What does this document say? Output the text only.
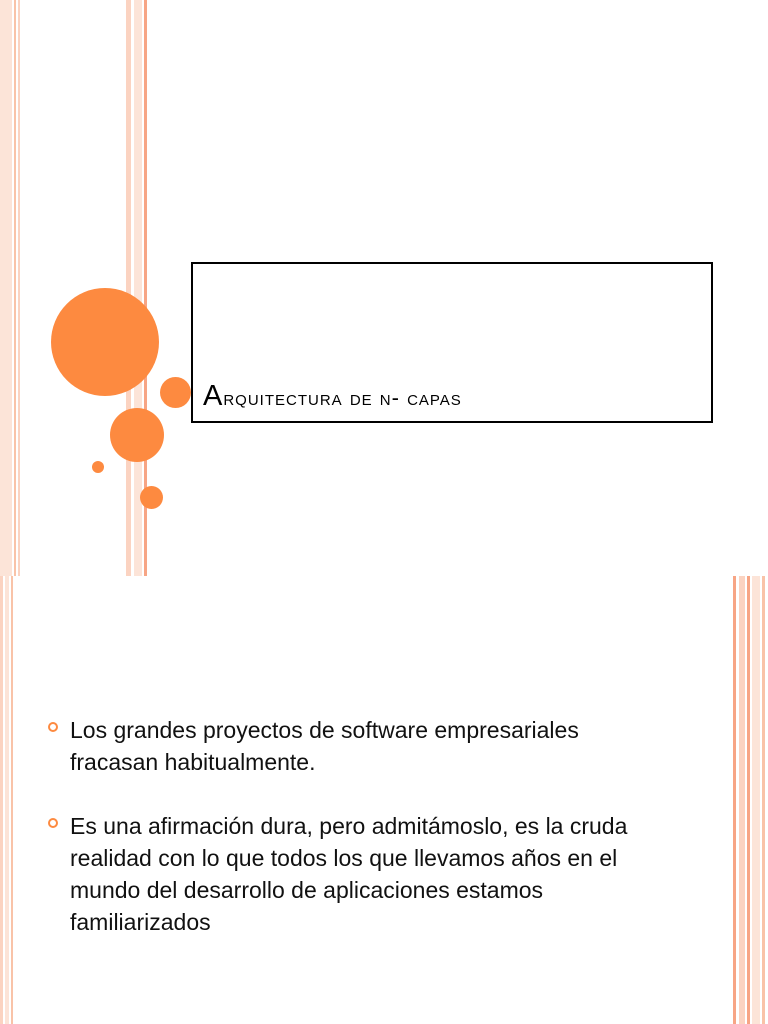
Arquitectura de n- capas
Los grandes proyectos de software empresariales fracasan habitualmente.
Es una afirmación dura, pero admitámoslo, es la cruda realidad con lo que todos los que llevamos años en el mundo del desarrollo de aplicaciones estamos familiarizados
